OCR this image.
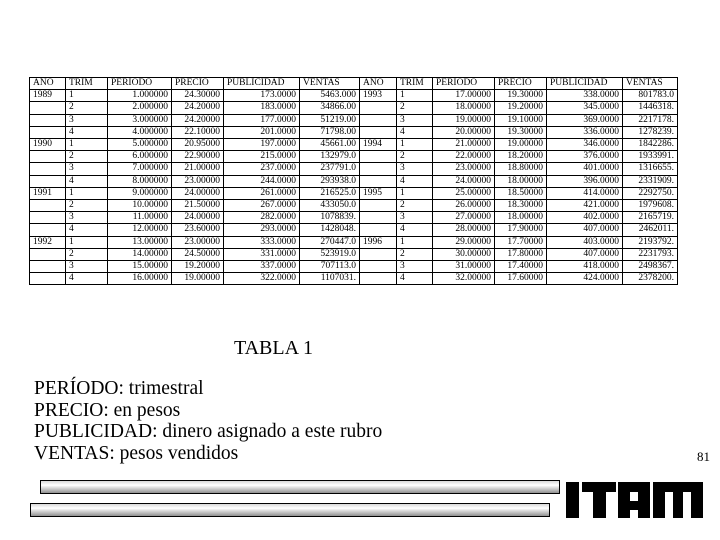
AÑO	TRIM	PERIODO	PRECIO	PUBLICIDAD	VENTAS	AÑO	TRIM	PERIODO	PRECIO	PUBLICIDAD	VENTAS
1989	1	1.000000	24.30000	173.0000	5463.000	1993	1	17.00000	19.30000	338.0000	801783.0
	2	2.000000	24.20000	183.0000	34866.00		2	18.00000	19.20000	345.0000	1446318.
	3	3.000000	24.20000	177.0000	51219.00		3	19.00000	19.10000	369.0000	2217178.
	4	4.000000	22.10000	201.0000	71798.00		4	20.00000	19.30000	336.0000	1278239.
1990	1	5.000000	20.95000	197.0000	45661.00	1994	1	21.00000	19.00000	346.0000	1842286.
	2	6.000000	22.90000	215.0000	132979.0		2	22.00000	18.20000	376.0000	1933991.
	3	7.000000	21.00000	237.0000	237791.0		3	23.00000	18.80000	401.0000	1316655.
	4	8.000000	23.00000	244.0000	293938.0		4	24.00000	18.00000	396.0000	2331909.
1991	1	9.000000	24.00000	261.0000	216525.0	1995	1	25.00000	18.50000	414.0000	2292750.
	2	10.00000	21.50000	267.0000	433050.0		2	26.00000	18.30000	421.0000	1979608.
	3	11.00000	24.00000	282.0000	1078839.		3	27.00000	18.00000	402.0000	2165719.
	4	12.00000	23.60000	293.0000	1428048.		4	28.00000	17.90000	407.0000	2462011.
1992	1	13.00000	23.00000	333.0000	270447.0	1996	1	29.00000	17.70000	403.0000	2193792.
	2	14.00000	24.50000	331.0000	523919.0		2	30.00000	17.80000	407.0000	2231793.
	3	15.00000	19.20000	337.0000	707113.0		3	31.00000	17.40000	418.0000	2498367.
	4	16.00000	19.00000	322.0000	1107031.		4	32.00000	17.60000	424.0000	2378200.
TABLA 1
PERÍODO: trimestral
PRECIO: en pesos
PUBLICIDAD: dinero asignado a este rubro
VENTAS: pesos vendidos	81
